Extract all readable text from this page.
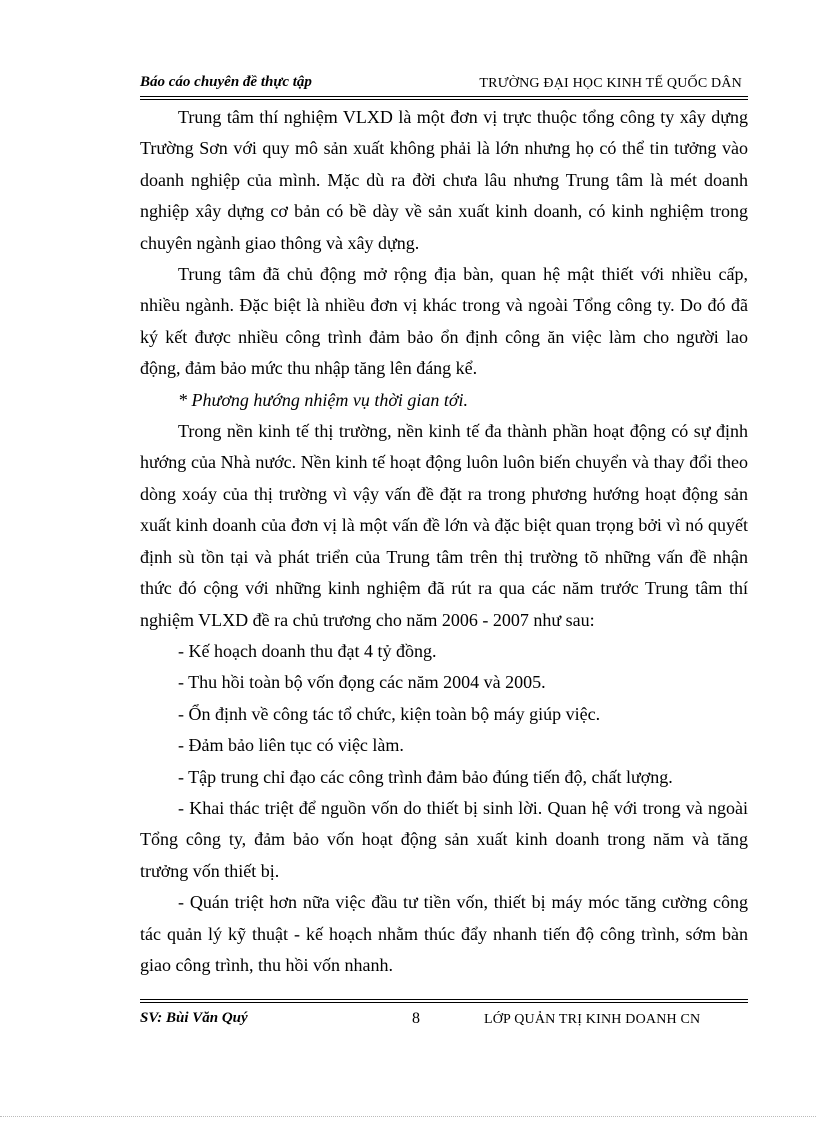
Báo cáo chuyên đề thực tập	TRƯỜNG ĐẠI HỌC KINH TẾ QUỐC DÂN

Trung tâm thí nghiệm VLXD là một đơn vị trực thuộc tổng công ty xây dựng Trường Sơn với quy mô sản xuất không phải là lớn nhưng họ có thể tin tưởng vào doanh nghiệp của mình. Mặc dù ra đời chưa lâu nhưng Trung tâm là mét doanh nghiệp xây dựng cơ bản có bề dày về sản xuất kinh doanh, có kinh nghiệm trong chuyên ngành giao thông và xây dựng.

Trung tâm đã chủ động mở rộng địa bàn, quan hệ mật thiết với nhiều cấp, nhiều ngành. Đặc biệt là nhiều đơn vị khác trong và ngoài Tổng công ty. Do đó đã ký kết được nhiều công trình đảm bảo ổn định công ăn việc làm cho người lao động, đảm bảo mức thu nhập tăng lên đáng kể.

* Phương hướng nhiệm vụ thời gian tới.

Trong nền kinh tế thị trường, nền kinh tế đa thành phần hoạt động có sự định hướng của Nhà nước. Nền kinh tế hoạt động luôn luôn biến chuyển và thay đổi theo dòng xoáy của thị trường vì vậy vấn đề đặt ra trong phương hướng hoạt động sản xuất kinh doanh của đơn vị là một vấn đề lớn và đặc biệt quan trọng bởi vì nó quyết định sù tồn tại và phát triển của Trung tâm trên thị trường tõ những vấn đề nhận thức đó cộng với những kinh nghiệm đã rút ra qua các năm trước Trung tâm thí nghiệm VLXD đề ra chủ trương cho năm 2006 - 2007 như sau:

- Kế hoạch doanh thu đạt 4 tỷ đồng.

- Thu hồi toàn bộ vốn đọng các năm 2004 và 2005.

- Ổn định về công tác tổ chức, kiện toàn bộ máy giúp việc.

- Đảm bảo liên tục có việc làm.

- Tập trung chỉ đạo các công trình đảm bảo đúng tiến độ, chất lượng.

- Khai thác triệt để nguồn vốn do thiết bị sinh lời. Quan hệ với trong và ngoài Tổng công ty, đảm bảo vốn hoạt động sản xuất kinh doanh trong năm và tăng trưởng vốn thiết bị.

- Quán triệt hơn nữa việc đầu tư tiền vốn, thiết bị máy móc tăng cường công tác quản lý kỹ thuật - kế hoạch nhằm thúc đẩy nhanh tiến độ công trình, sớm bàn giao công trình, thu hồi vốn nhanh.

SV: Bùi Văn Quý	8	LỚP QUẢN TRỊ KINH DOANH CN
